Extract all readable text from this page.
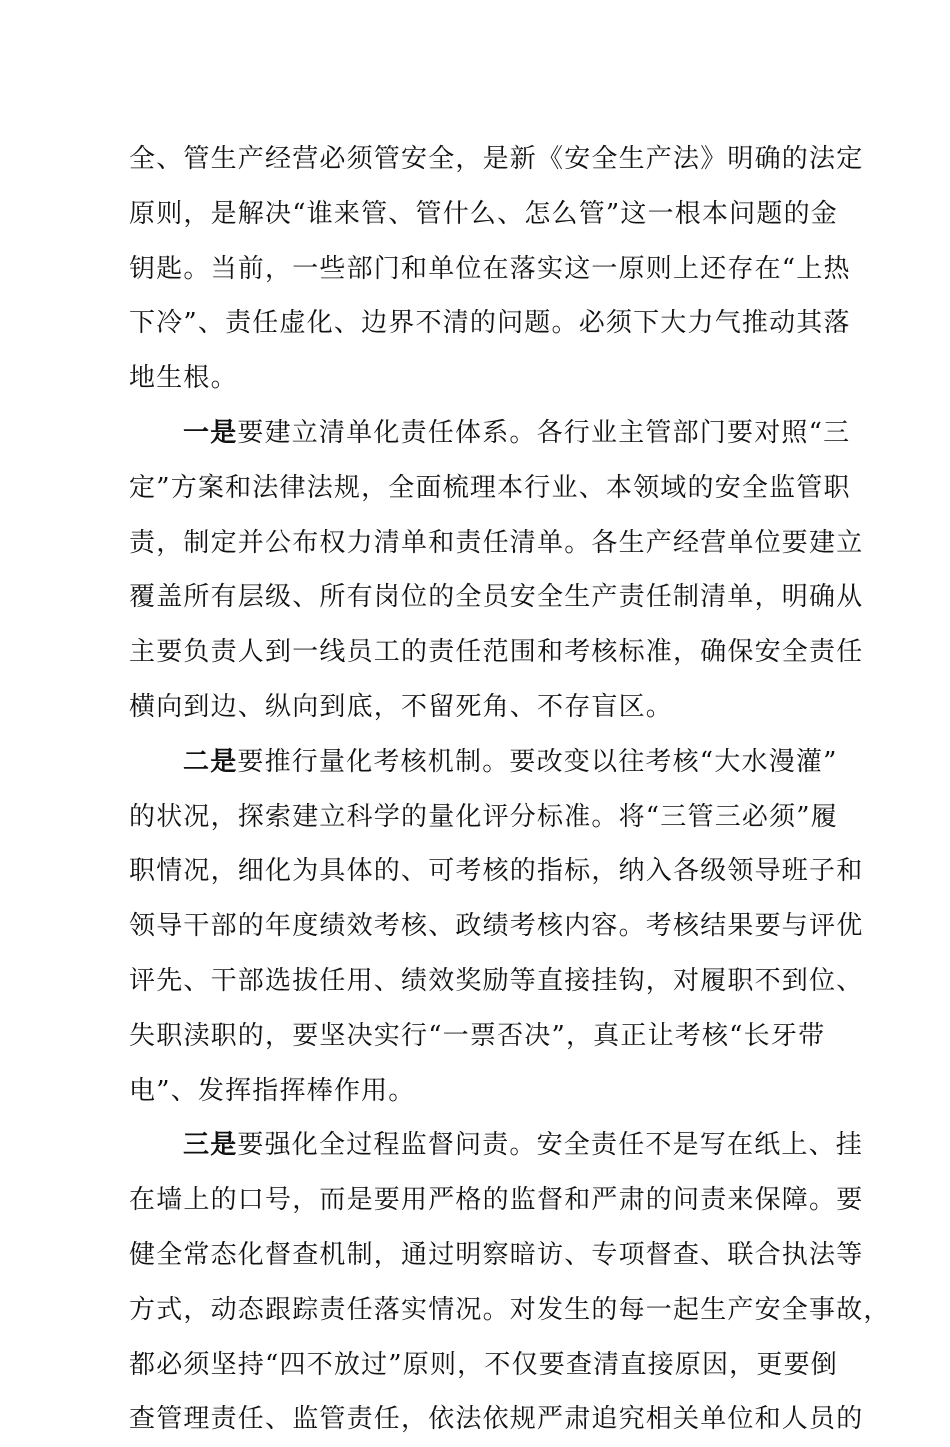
全、管生产经营必须管安全，是新《安全生产法》明确的法定
原则，是解决“谁来管、管什么、怎么管”这一根本问题的金
钥匙。当前，一些部门和单位在落实这一原则上还存在“上热
下冷”、责任虚化、边界不清的问题。必须下大力气推动其落
地生根。
一是要建立清单化责任体系。各行业主管部门要对照“三
定”方案和法律法规，全面梳理本行业、本领域的安全监管职
责，制定并公布权力清单和责任清单。各生产经营单位要建立
覆盖所有层级、所有岗位的全员安全生产责任制清单，明确从
主要负责人到一线员工的责任范围和考核标准，确保安全责任
横向到边、纵向到底，不留死角、不存盲区。
二是要推行量化考核机制。要改变以往考核“大水漫灌”
的状况，探索建立科学的量化评分标准。将“三管三必须”履
职情况，细化为具体的、可考核的指标，纳入各级领导班子和
领导干部的年度绩效考核、政绩考核内容。考核结果要与评优
评先、干部选拔任用、绩效奖励等直接挂钩，对履职不到位、
失职渎职的，要坚决实行“一票否决”，真正让考核“长牙带
电”、发挥指挥棒作用。
三是要强化全过程监督问责。安全责任不是写在纸上、挂
在墙上的口号，而是要用严格的监督和严肃的问责来保障。要
健全常态化督查机制，通过明察暗访、专项督查、联合执法等
方式，动态跟踪责任落实情况。对发生的每一起生产安全事故，
都必须坚持“四不放过”原则，不仅要查清直接原因，更要倒
查管理责任、监管责任，依法依规严肃追究相关单位和人员的
